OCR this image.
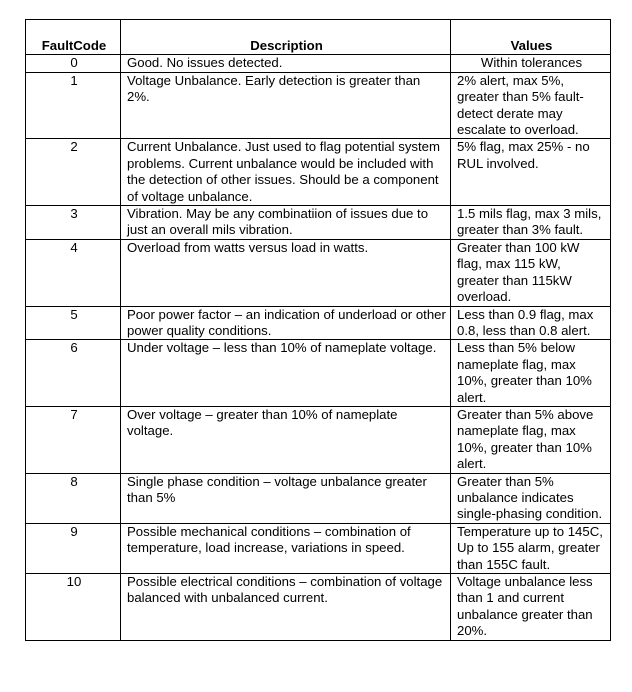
FaultCode	Description	Values
0	Good. No issues detected.	Within tolerances
1	Voltage Unbalance. Early detection is greater than 2%.	2% alert, max 5%, greater than 5% fault-detect derate may escalate to overload.
2	Current Unbalance. Just used to flag potential system problems. Current unbalance would be included with the detection of other issues. Should be a component of voltage unbalance.	5% flag, max 25% - no RUL involved.
3	Vibration. May be any combinatiion of issues due to just an overall mils vibration.	1.5 mils flag, max 3 mils, greater than 3% fault.
4	Overload from watts versus load in watts.	Greater than 100 kW flag, max 115 kW, greater than 115kW overload.
5	Poor power factor – an indication of underload or other power quality conditions.	Less than 0.9 flag, max 0.8, less than 0.8 alert.
6	Under voltage – less than 10% of nameplate voltage.	Less than 5% below nameplate flag, max 10%, greater than 10% alert.
7	Over voltage – greater than 10% of nameplate voltage.	Greater than 5% above nameplate flag, max 10%, greater than 10% alert.
8	Single phase condition – voltage unbalance greater than 5%	Greater than 5% unbalance indicates single-phasing condition.
9	Possible mechanical conditions – combination of temperature, load increase, variations in speed.	Temperature up to 145C, Up to 155 alarm, greater than 155C fault.
10	Possible electrical conditions – combination of voltage balanced with unbalanced current.	Voltage unbalance less than 1 and current unbalance greater than 20%.
